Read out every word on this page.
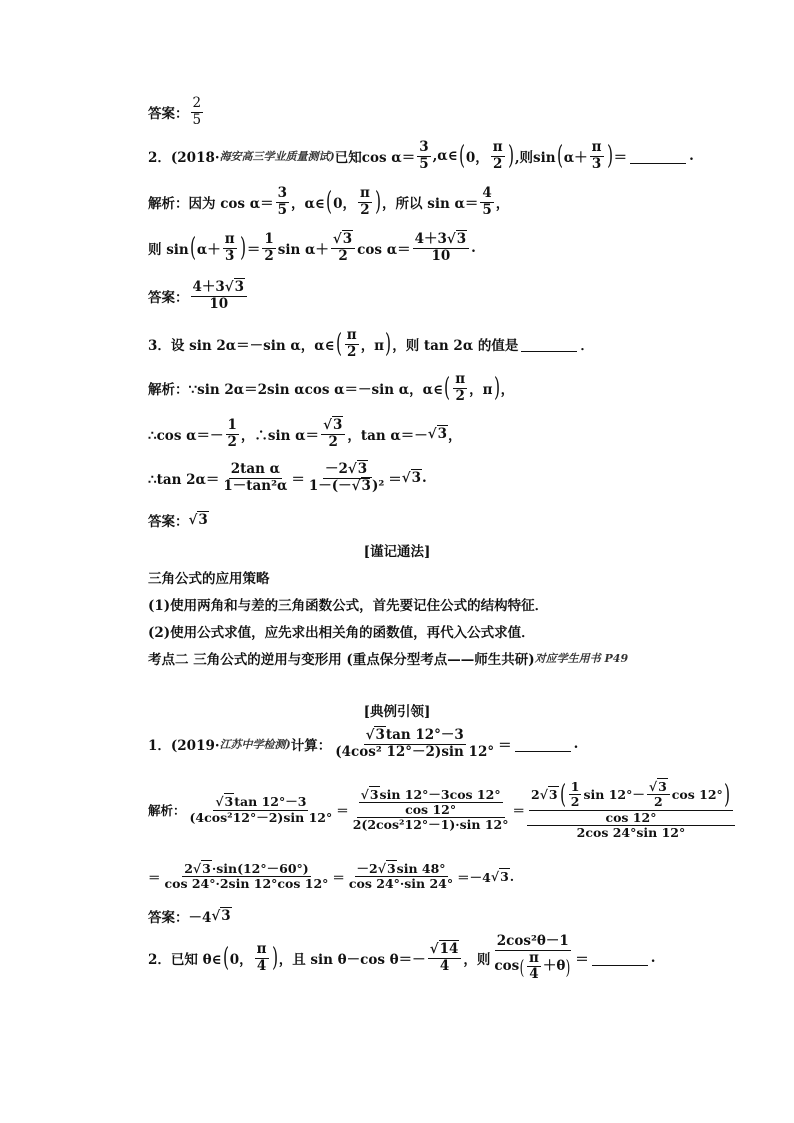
答案： $\frac{2}{5}$
2．(2018· 海安高三学业质量测试) 已知$\cos \alpha= \frac{3}{5}$ ,α∈ ( 0， $\frac{\pi}{2}$ ) ,则sin ( $\alpha+ \frac{\pi}{3}$ ) ＝	.
解析： 因为 $\cos \alpha= \frac{3}{5}$ ，α∈ ( 0， $\frac{\pi}{2}$ ) ，所以 $\sin \alpha= \frac{4}{5}$ ，
则 sin ( $\alpha+ \frac{\pi}{3}$ ) ＝ $\frac{1}{2}$ $\sin \alpha+ \frac{√3}{2}$ $\cos \alpha= \frac{4+3√3}{10}$ .
答案： $\frac{4+3√3}{10}$
3．设 sin 2α＝－sin α，α∈ ( $\frac{\pi}{2}$ ，π ) ，则 tan 2α 的值是	．
解析： ∵sin 2α＝2sin αcos α＝－sin α，α∈ ( $\frac{\pi}{2}$ ，π ) ，
∴cos $\alpha=- \frac{1}{2}$ ，∴sin $\alpha= \frac{√3}{2}$ ，tan α＝－ √3 ，
∴tan $2\alpha= \frac{\text{2tan α}}{\text{1－tan²α}} = \frac{-2√3}{\text{1－(－√3)²}} = √3$ .
答案： √3
[谨记通法]
三角公式的应用策略
(1)使用两角和与差的三角函数公式，首先要记住公式的结构特征．
(2)使用公式求值，应先求出相关角的函数值，再代入公式求值．
考点二 三角公式的逆用与变形用 (重点保分型考点——师生共研) 对应学生用书 P49
[典例引领]
1．(2019· 江苏中学检测) 计算： $\frac{√3\tan 12^\circ-3}{\text{(4cos² 12°－2)sin 12°}}$ ＝	.
解析： $\frac{√3\tan 12^\circ-3}{\text{(4cos²12°－2)sin 12°}} = \frac{\frac{√3\sin 12^\circ-3\cos 12^\circ}{\cos 12^\circ}}{\text{2(2cos²12°－1)·sin 12°}} = \frac{\frac{2 √3 ( \frac{1}{2} \sin 12^\circ- \frac{√3}{2} \cos 12^\circ )}{\cos 12^\circ}}{2\cos 24^\circ\sin 12^\circ}$
＝ $\frac{2√3\cdot\sin(12^\circ-60^\circ)}{\cos 24^\circ\cdot 2\sin 12^\circ\cos 12^\circ} = \frac{-2√3\sin 48^\circ}{\cos 24^\circ\cdot\sin 24^\circ} =-4$ √3 .
答案： －4 √3
2．已知 θ∈ ( 0， $\frac{\pi}{4}$ ) ，且 sin θ－cos $\theta=- \frac{√14}{4}$ ，则 $\frac{\text{2cos²θ－1}}{\cos ( \frac{\pi}{4} +\theta )}$ ＝	.
